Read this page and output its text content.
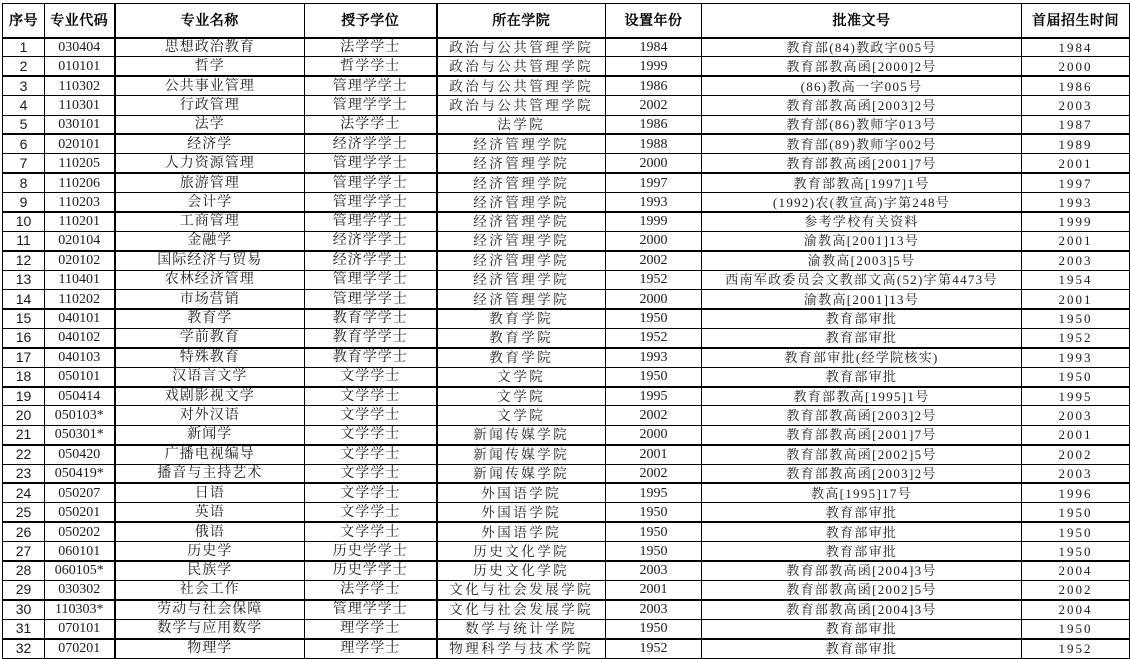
序号	专业代码	专业名称	授予学位	所在学院	设置年份	批准文号	首届招生时间
1	030404	思想政治教育	法学学士	政治与公共管理学院	1984	教育部(84)教政字005号	1984
2	010101	哲学	哲学学士	政治与公共管理学院	1999	教育部教高函[2000]2号	2000
3	110302	公共事业管理	管理学学士	政治与公共管理学院	1986	(86)教高一字005号	1986
4	110301	行政管理	管理学学士	政治与公共管理学院	2002	教育部教高函[2003]2号	2003
5	030101	法学	法学学士	法学院	1986	教育部(86)教师字013号	1987
6	020101	经济学	经济学学士	经济管理学院	1988	教育部(89)教师字002号	1989
7	110205	人力资源管理	管理学学士	经济管理学院	2000	教育部教高函[2001]7号	2001
8	110206	旅游管理	管理学学士	经济管理学院	1997	教育部教高[1997]1号	1997
9	110203	会计学	管理学学士	经济管理学院	1993	(1992)农(教宣高)字第248号	1993
10	110201	工商管理	管理学学士	经济管理学院	1999	参考学校有关资料	1999
11	020104	金融学	经济学学士	经济管理学院	2000	渝教高[2001]13号	2001
12	020102	国际经济与贸易	经济学学士	经济管理学院	2002	渝教高[2003]5号	2003
13	110401	农林经济管理	管理学学士	经济管理学院	1952	西南军政委员会文教部文高(52)字第4473号	1954
14	110202	市场营销	管理学学士	经济管理学院	2000	渝教高[2001]13号	2001
15	040101	教育学	教育学学士	教育学院	1950	教育部审批	1950
16	040102	学前教育	教育学学士	教育学院	1952	教育部审批	1952
17	040103	特殊教育	教育学学士	教育学院	1993	教育部审批(经学院核实)	1993
18	050101	汉语言文学	文学学士	文学院	1950	教育部审批	1950
19	050414	戏剧影视文学	文学学士	文学院	1995	教育部教高[1995]1号	1995
20	050103*	对外汉语	文学学士	文学院	2002	教育部教高函[2003]2号	2003
21	050301*	新闻学	文学学士	新闻传媒学院	2000	教育部教高函[2001]7号	2001
22	050420	广播电视编导	文学学士	新闻传媒学院	2001	教育部教高函[2002]5号	2002
23	050419*	播音与主持艺术	文学学士	新闻传媒学院	2002	教育部教高函[2003]2号	2003
24	050207	日语	文学学士	外国语学院	1995	教高[1995]17号	1996
25	050201	英语	文学学士	外国语学院	1950	教育部审批	1950
26	050202	俄语	文学学士	外国语学院	1950	教育部审批	1950
27	060101	历史学	历史学学士	历史文化学院	1950	教育部审批	1950
28	060105*	民族学	历史学学士	历史文化学院	2003	教育部教高函[2004]3号	2004
29	030302	社会工作	法学学士	文化与社会发展学院	2001	教育部教高函[2002]5号	2002
30	110303*	劳动与社会保障	管理学学士	文化与社会发展学院	2003	教育部教高函[2004]3号	2004
31	070101	数学与应用数学	理学学士	数学与统计学院	1950	教育部审批	1950
32	070201	物理学	理学学士	物理科学与技术学院	1952	教育部审批	1952
